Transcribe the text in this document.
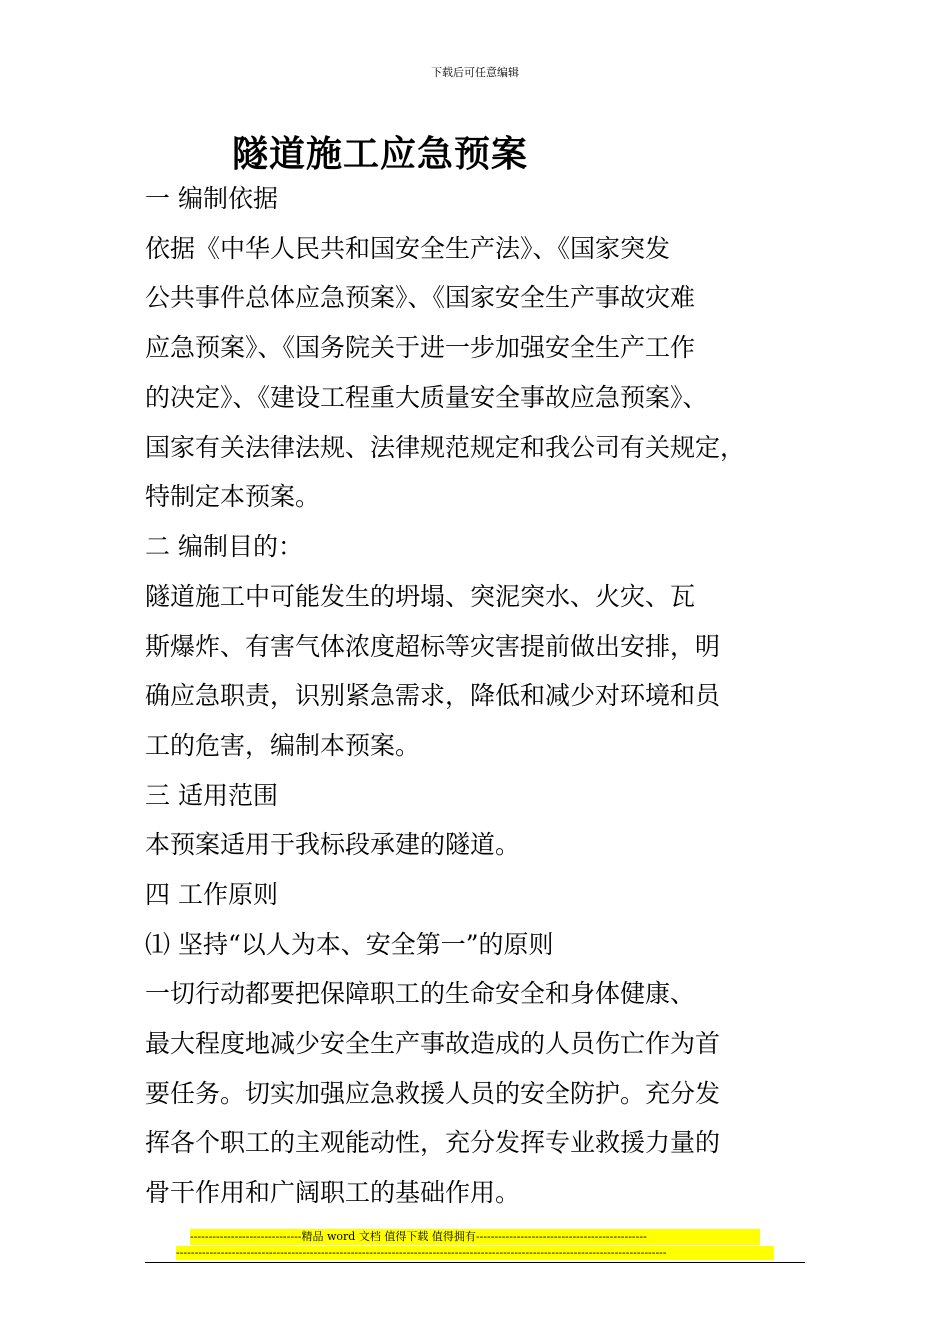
下载后可任意编辑
隧道施工应急预案
一 编制依据
依据《中华人民共和国安全生产法》、《国家突发
公共事件总体应急预案》、《国家安全生产事故灾难
应急预案》、《国务院关于进一步加强安全生产工作
的决定》、《建设工程重大质量安全事故应急预案》、
国家有关法律法规、法律规范规定和我公司有关规定，
特制定本预案。
二 编制目的：
隧道施工中可能发生的坍塌、突泥突水、火灾、瓦
斯爆炸、有害气体浓度超标等灾害提前做出安排，明
确应急职责，识别紧急需求，降低和减少对环境和员
工的危害，编制本预案。
三 适用范围
本预案适用于我标段承建的隧道。
四 工作原则
⑴ 坚持“以人为本、安全第一”的原则
一切行动都要把保障职工的生命安全和身体健康、
最大程度地减少安全生产事故造成的人员伤亡作为首
要任务。切实加强应急救援人员的安全防护。充分发
挥各个职工的主观能动性，充分发挥专业救援力量的
骨干作用和广阔职工的基础作用。
------------------------------精品 word 文档 值得下载 值得拥有----------------------------------------------
------------------------------------------------------------------------------------------------------------------------------------
